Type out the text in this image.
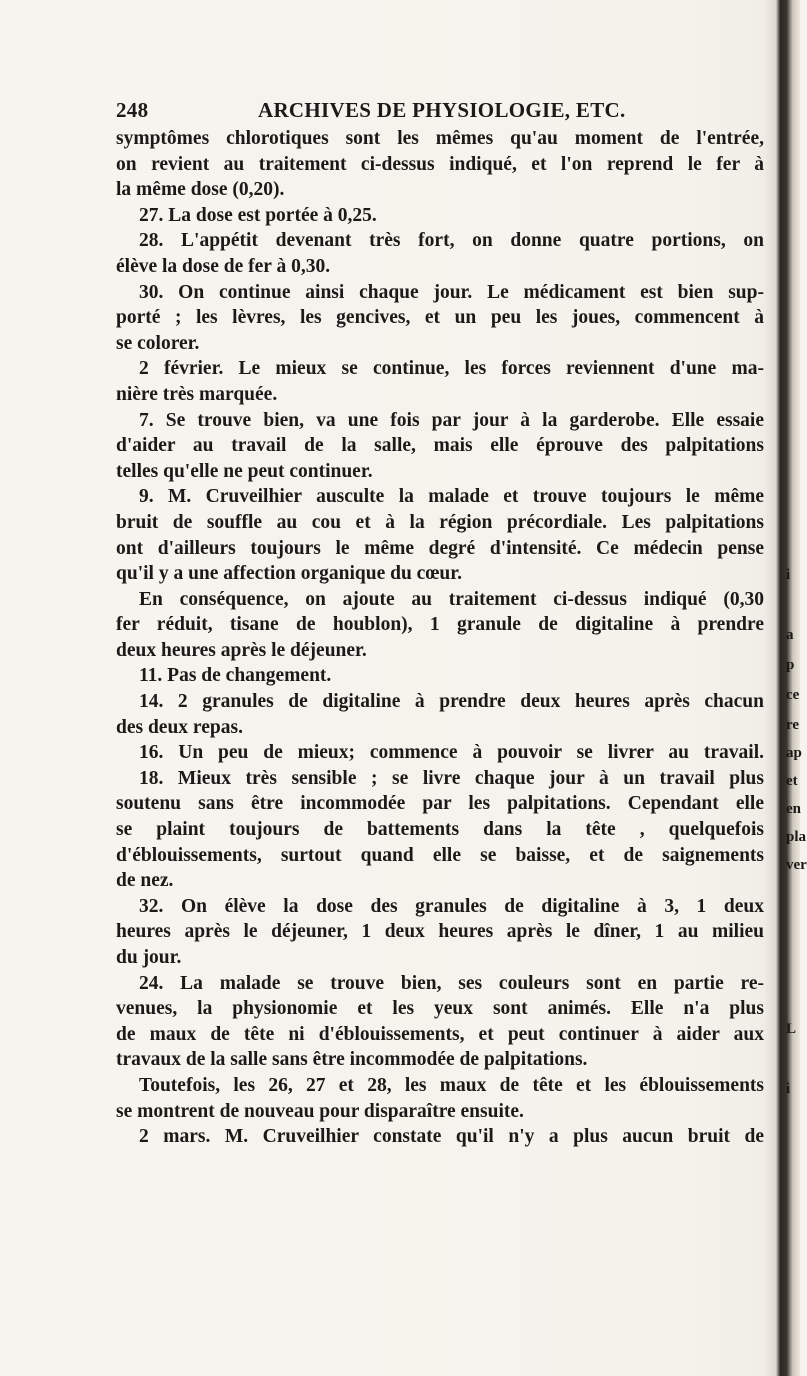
248	ARCHIVES DE PHYSIOLOGIE, ETC.
symptômes chlorotiques sont les mêmes qu'au moment de l'entrée,
on revient au traitement ci-dessus indiqué, et l'on reprend le fer à
la même dose (0,20).
27. La dose est portée à 0,25.
28. L'appétit devenant très fort, on donne quatre portions, on
élève la dose de fer à 0,30.
30. On continue ainsi chaque jour. Le médicament est bien sup-
porté ; les lèvres, les gencives, et un peu les joues, commencent à
se colorer.
2 février. Le mieux se continue, les forces reviennent d'une ma-
nière très marquée.
7. Se trouve bien, va une fois par jour à la garderobe. Elle essaie
d'aider au travail de la salle, mais elle éprouve des palpitations
telles qu'elle ne peut continuer.
9. M. Cruveilhier ausculte la malade et trouve toujours le même
bruit de souffle au cou et à la région précordiale. Les palpitations
ont d'ailleurs toujours le même degré d'intensité. Ce médecin pense
qu'il y a une affection organique du cœur.
En conséquence, on ajoute au traitement ci-dessus indiqué (0,30
fer réduit, tisane de houblon), 1 granule de digitaline à prendre
deux heures après le déjeuner.
11. Pas de changement.
14. 2 granules de digitaline à prendre deux heures après chacun
des deux repas.
16. Un peu de mieux; commence à pouvoir se livrer au travail.
18. Mieux très sensible ; se livre chaque jour à un travail plus
soutenu sans être incommodée par les palpitations. Cependant elle
se plaint toujours de battements dans la tête , quelquefois
d'éblouissements, surtout quand elle se baisse, et de saignements
de nez.
32. On élève la dose des granules de digitaline à 3, 1 deux
heures après le déjeuner, 1 deux heures après le dîner, 1 au milieu
du jour.
24. La malade se trouve bien, ses couleurs sont en partie re-
venues, la physionomie et les yeux sont animés. Elle n'a plus
de maux de tête ni d'éblouissements, et peut continuer à aider aux
travaux de la salle sans être incommodée de palpitations.
Toutefois, les 26, 27 et 28, les maux de tête et les éblouissements
se montrent de nouveau pour disparaître ensuite.
2 mars. M. Cruveilhier constate qu'il n'y a plus aucun bruit de
i
a
p
ce
re
ap
et
en
pla
ver
L
i
